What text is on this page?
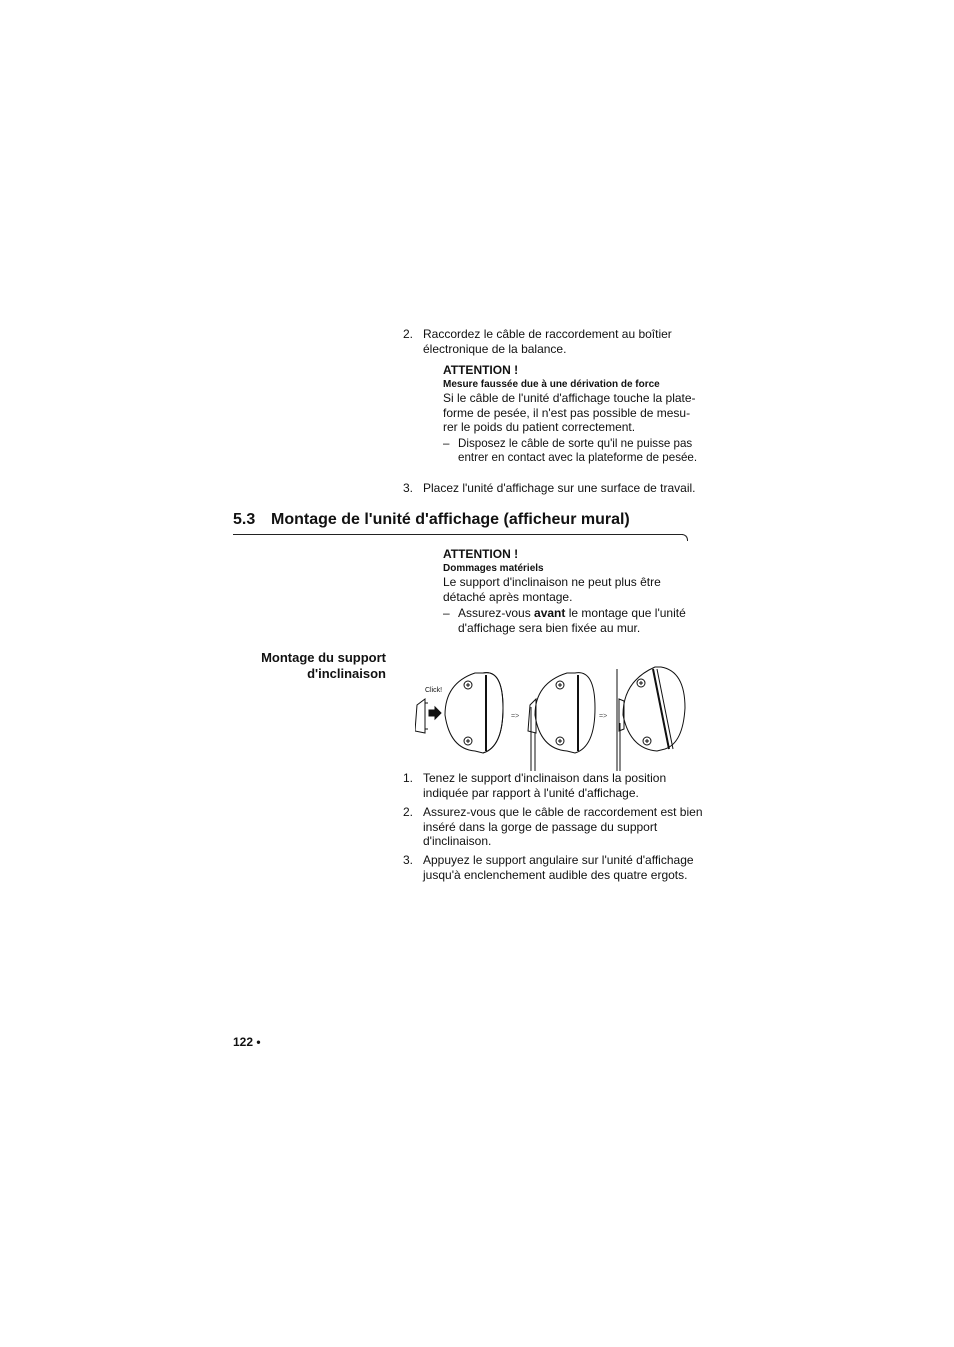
2. Raccordez le câble de raccordement au boîtier électronique de la balance.
ATTENTION !
Mesure faussée due à une dérivation de force
Si le câble de l'unité d'affichage touche la plate-forme de pesée, il n'est pas possible de mesu-rer le poids du patient correctement.
– Disposez le câble de sorte qu'il ne puisse pas entrer en contact avec la plateforme de pesée.
3. Placez l'unité d'affichage sur une surface de travail.
5.3 Montage de l'unité d'affichage (afficheur mural)
ATTENTION !
Dommages matériels
Le support d'inclinaison ne peut plus être détaché après montage.
– Assurez-vous avant le montage que l'unité d'affichage sera bien fixée au mur.
Montage du support d'inclinaison
Click!
=>	=>
1. Tenez le support d'inclinaison dans la position indiquée par rapport à l'unité d'affichage.
2. Assurez-vous que le câble de raccordement est bien inséré dans la gorge de passage du support d'inclinaison.
3. Appuyez le support angulaire sur l'unité d'affichage jusqu'à enclenchement audible des quatre ergots.
122 •
